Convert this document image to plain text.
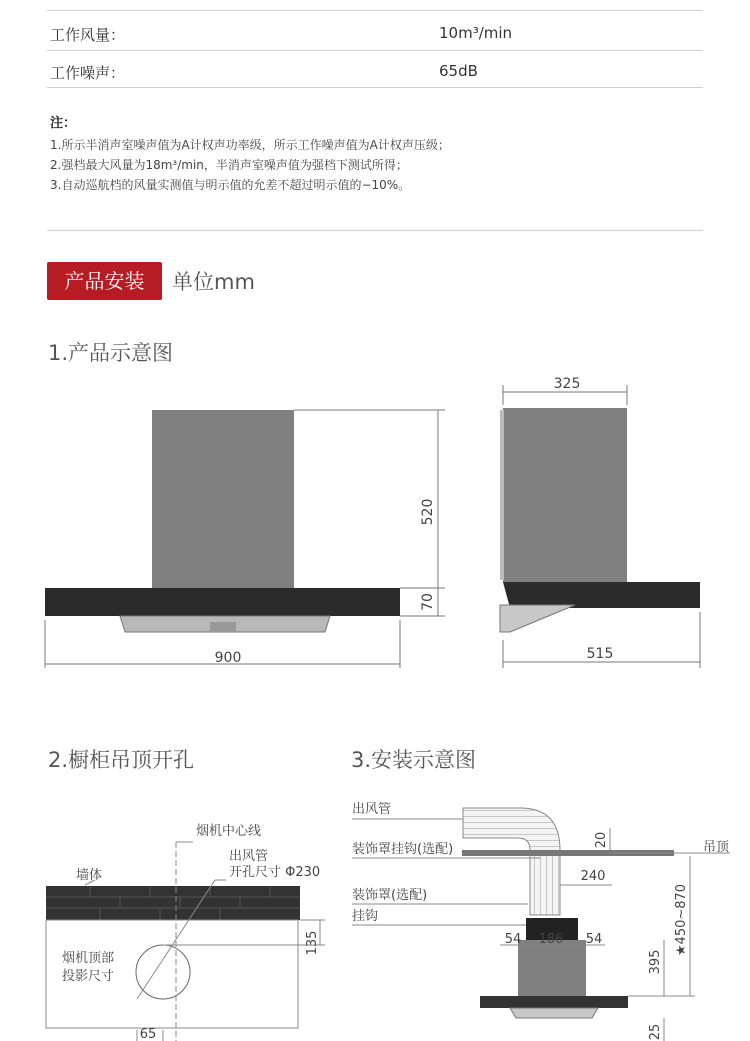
工作风量：	10m³/min
工作噪声：	65dB
注：
1.所示半消声室噪声值为A计权声功率级，所示工作噪声值为A计权声压级；
2.强档最大风量为18m³/min，半消声室噪声值为强档下测试所得；
3.自动巡航档的风量实测值与明示值的允差不超过明示值的−10%。
产品安装	单位mm
1.产品示意图
2.橱柜吊顶开孔	3.安装示意图
900
520
70
325
515
烟机中心线
墙体
出风管
开孔尺寸 Φ230
烟机顶部
投影尺寸
135
65
出风管
装饰罩挂钩(选配)	吊顶
装饰罩(选配)
挂钩
20
240
54 186 54
395
★450~870
25
